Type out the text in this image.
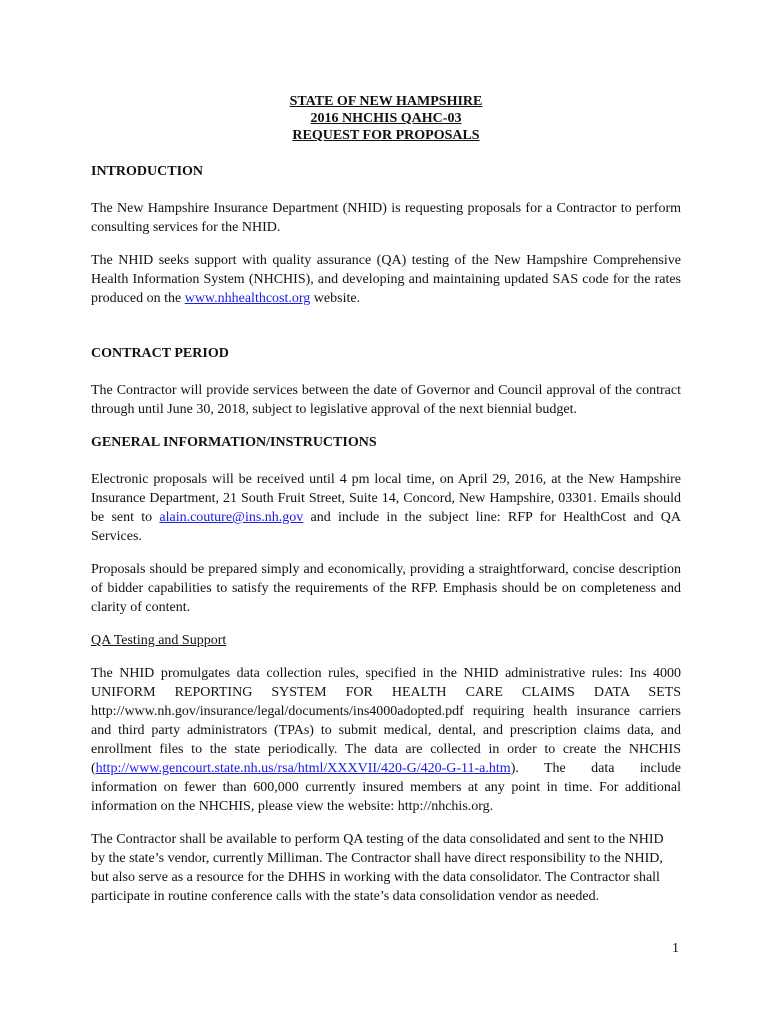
STATE OF NEW HAMPSHIRE
2016 NHCHIS QAHC-03
REQUEST FOR PROPOSALS
INTRODUCTION

The New Hampshire Insurance Department (NHID) is requesting proposals for a Contractor to perform consulting services for the NHID.

The NHID seeks support with quality assurance (QA) testing of the New Hampshire Comprehensive Health Information System (NHCHIS), and developing and maintaining updated SAS code for the rates produced on the www.nhhealthcost.org website.

CONTRACT PERIOD

The Contractor will provide services between the date of Governor and Council approval of the contract through until June 30, 2018, subject to legislative approval of the next biennial budget.

GENERAL INFORMATION/INSTRUCTIONS

Electronic proposals will be received until 4 pm local time, on April 29, 2016, at the New Hampshire Insurance Department, 21 South Fruit Street, Suite 14, Concord, New Hampshire, 03301. Emails should be sent to alain.couture@ins.nh.gov and include in the subject line: RFP for HealthCost and QA Services.

Proposals should be prepared simply and economically, providing a straightforward, concise description of bidder capabilities to satisfy the requirements of the RFP. Emphasis should be on completeness and clarity of content.

QA Testing and Support

The NHID promulgates data collection rules, specified in the NHID administrative rules: Ins 4000 UNIFORM REPORTING SYSTEM FOR HEALTH CARE CLAIMS DATA SETS http://www.nh.gov/insurance/legal/documents/ins4000adopted.pdf requiring health insurance carriers and third party administrators (TPAs) to submit medical, dental, and prescription claims data, and enrollment files to the state periodically. The data are collected in order to create the NHCHIS (http://www.gencourt.state.nh.us/rsa/html/XXXVII/420-G/420-G-11-a.htm). The data include information on fewer than 600,000 currently insured members at any point in time. For additional information on the NHCHIS, please view the website: http://nhchis.org.

The Contractor shall be available to perform QA testing of the data consolidated and sent to the NHID by the state’s vendor, currently Milliman. The Contractor shall have direct responsibility to the NHID, but also serve as a resource for the DHHS in working with the data consolidator. The Contractor shall participate in routine conference calls with the state’s data consolidation vendor as needed.

1
